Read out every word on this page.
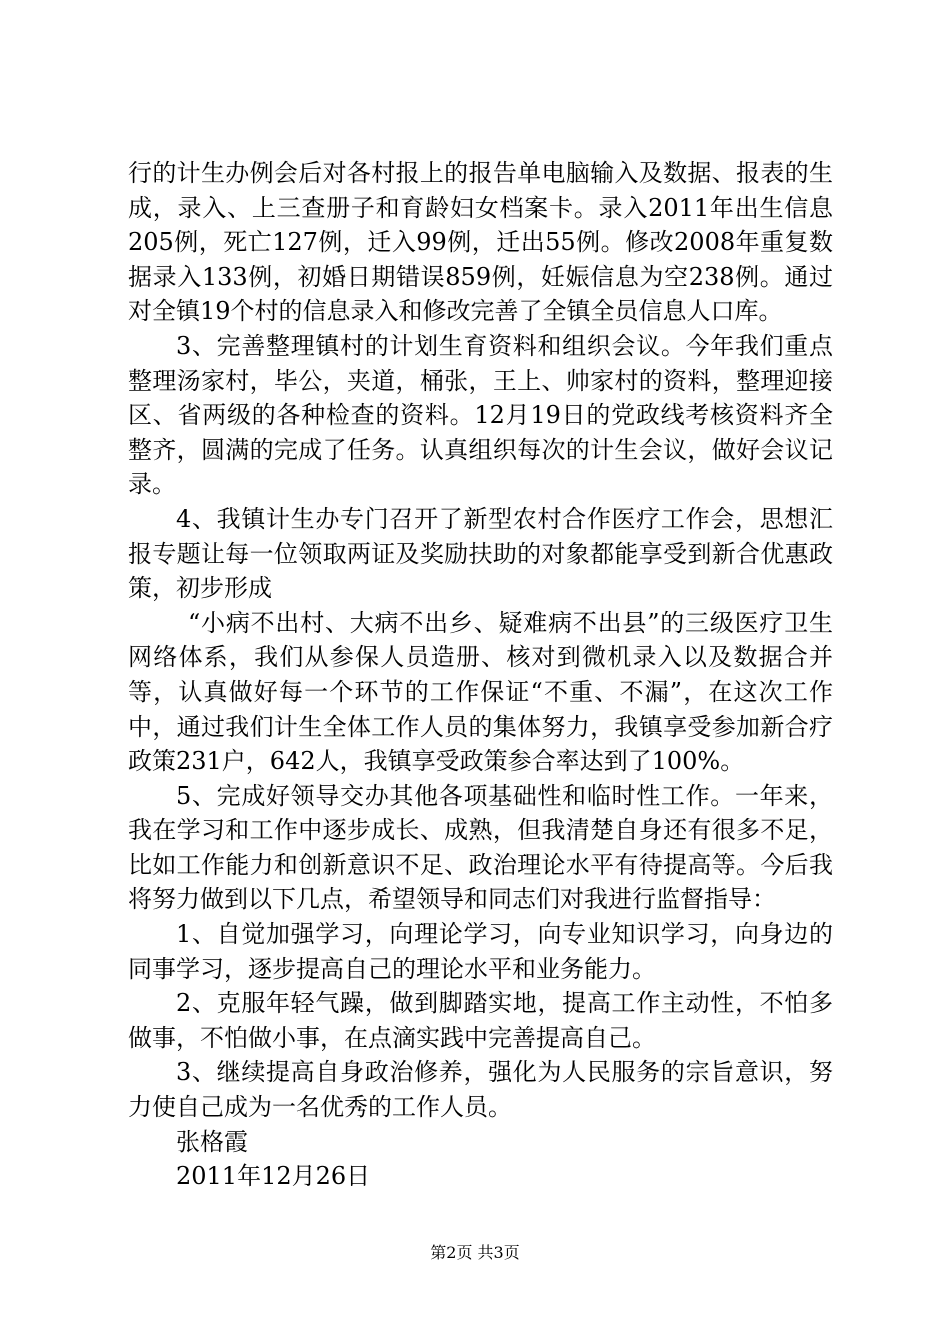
行的计生办例会后对各村报上的报告单电脑输入及数据、报表的生成，录入、上三查册子和育龄妇女档案卡。录入2011年出生信息205例，死亡127例，迁入99例，迁出55例。修改2008年重复数据录入133例，初婚日期错误859例，妊娠信息为空238例。通过对全镇19个村的信息录入和修改完善了全镇全员信息人口库。

3、完善整理镇村的计划生育资料和组织会议。今年我们重点整理汤家村，毕公，夹道，桶张，王上、帅家村的资料，整理迎接区、省两级的各种检查的资料。12月19日的党政线考核资料齐全整齐，圆满的完成了任务。认真组织每次的计生会议，做好会议记录。

4、我镇计生办专门召开了新型农村合作医疗工作会，思想汇报专题让每一位领取两证及奖励扶助的对象都能享受到新合优惠政策，初步形成

“小病不出村、大病不出乡、疑难病不出县”的三级医疗卫生网络体系，我们从参保人员造册、核对到微机录入以及数据合并等，认真做好每一个环节的工作保证“不重、不漏”，在这次工作中，通过我们计生全体工作人员的集体努力，我镇享受参加新合疗政策231户，642人，我镇享受政策参合率达到了100%。

5、完成好领导交办其他各项基础性和临时性工作。一年来，我在学习和工作中逐步成长、成熟，但我清楚自身还有很多不足，比如工作能力和创新意识不足、政治理论水平有待提高等。今后我将努力做到以下几点，希望领导和同志们对我进行监督指导：

1、自觉加强学习，向理论学习，向专业知识学习，向身边的同事学习，逐步提高自己的理论水平和业务能力。

2、克服年轻气躁，做到脚踏实地，提高工作主动性，不怕多做事，不怕做小事，在点滴实践中完善提高自己。

3、继续提高自身政治修养，强化为人民服务的宗旨意识，努力使自己成为一名优秀的工作人员。

张格霞

2011年12月26日

第2页 共3页
